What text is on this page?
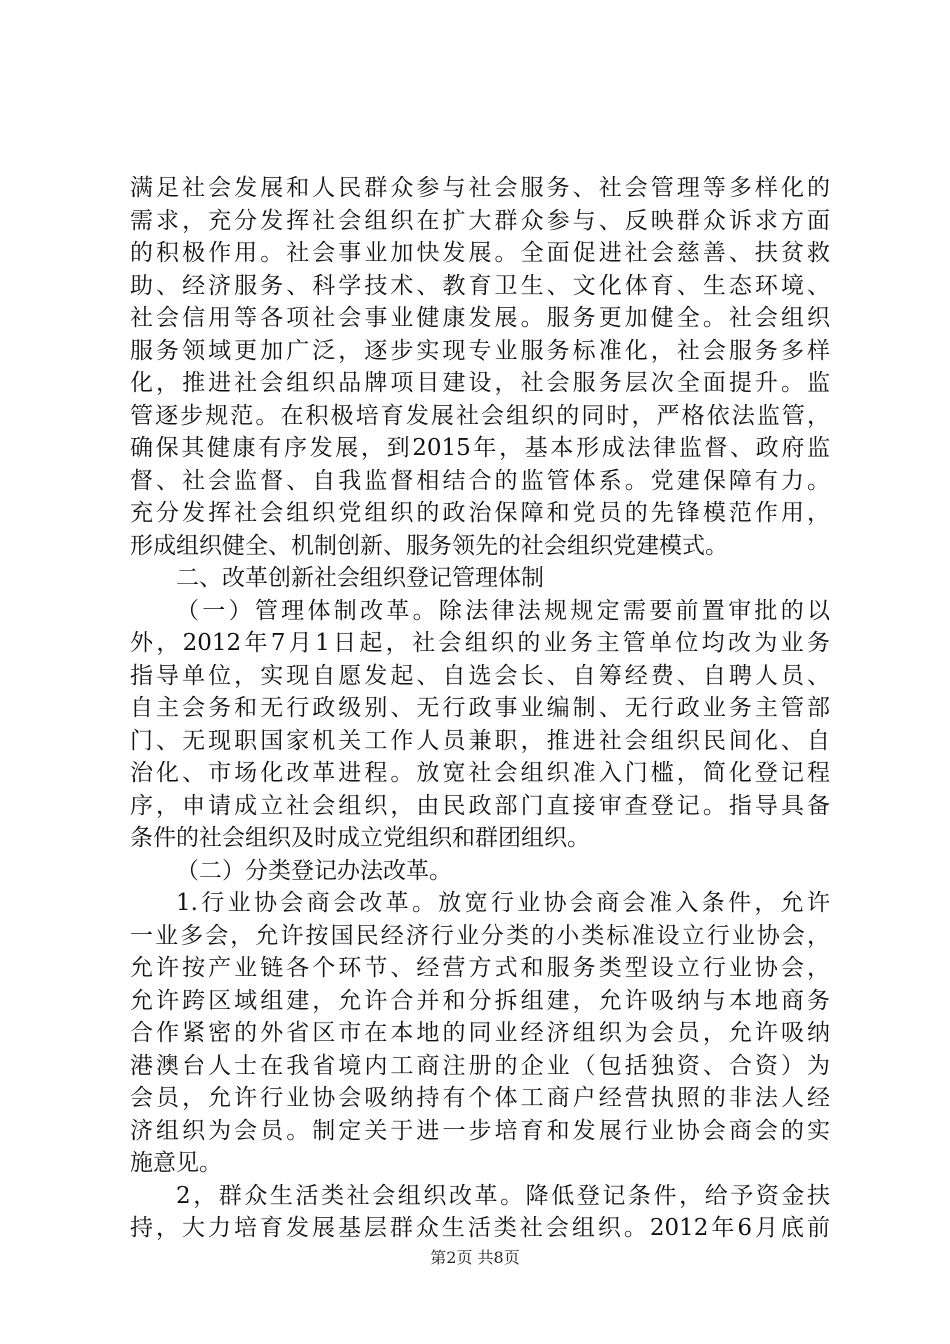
满足社会发展和人民群众参与社会服务、社会管理等多样化的
需求，充分发挥社会组织在扩大群众参与、反映群众诉求方面
的积极作用。社会事业加快发展。全面促进社会慈善、扶贫救
助、经济服务、科学技术、教育卫生、文化体育、生态环境、
社会信用等各项社会事业健康发展。服务更加健全。社会组织
服务领域更加广泛，逐步实现专业服务标准化，社会服务多样
化，推进社会组织品牌项目建设，社会服务层次全面提升。监
管逐步规范。在积极培育发展社会组织的同时，严格依法监管，
确保其健康有序发展，到2015年，基本形成法律监督、政府监
督、社会监督、自我监督相结合的监管体系。党建保障有力。
充分发挥社会组织党组织的政治保障和党员的先锋模范作用，
形成组织健全、机制创新、服务领先的社会组织党建模式。
二、改革创新社会组织登记管理体制
（一）管理体制改革。除法律法规规定需要前置审批的以
外，2012年7月1日起，社会组织的业务主管单位均改为业务
指导单位，实现自愿发起、自选会长、自筹经费、自聘人员、
自主会务和无行政级别、无行政事业编制、无行政业务主管部
门、无现职国家机关工作人员兼职，推进社会组织民间化、自
治化、市场化改革进程。放宽社会组织准入门槛，简化登记程
序，申请成立社会组织，由民政部门直接审查登记。指导具备
条件的社会组织及时成立党组织和群团组织。
（二）分类登记办法改革。
1.行业协会商会改革。放宽行业协会商会准入条件，允许
一业多会，允许按国民经济行业分类的小类标准设立行业协会，
允许按产业链各个环节、经营方式和服务类型设立行业协会，
允许跨区域组建，允许合并和分拆组建，允许吸纳与本地商务
合作紧密的外省区市在本地的同业经济组织为会员，允许吸纳
港澳台人士在我省境内工商注册的企业（包括独资、合资）为
会员，允许行业协会吸纳持有个体工商户经营执照的非法人经
济组织为会员。制定关于进一步培育和发展行业协会商会的实
施意见。
2，群众生活类社会组织改革。降低登记条件，给予资金扶
持，大力培育发展基层群众生活类社会组织。2012年6月底前
第2页 共8页
